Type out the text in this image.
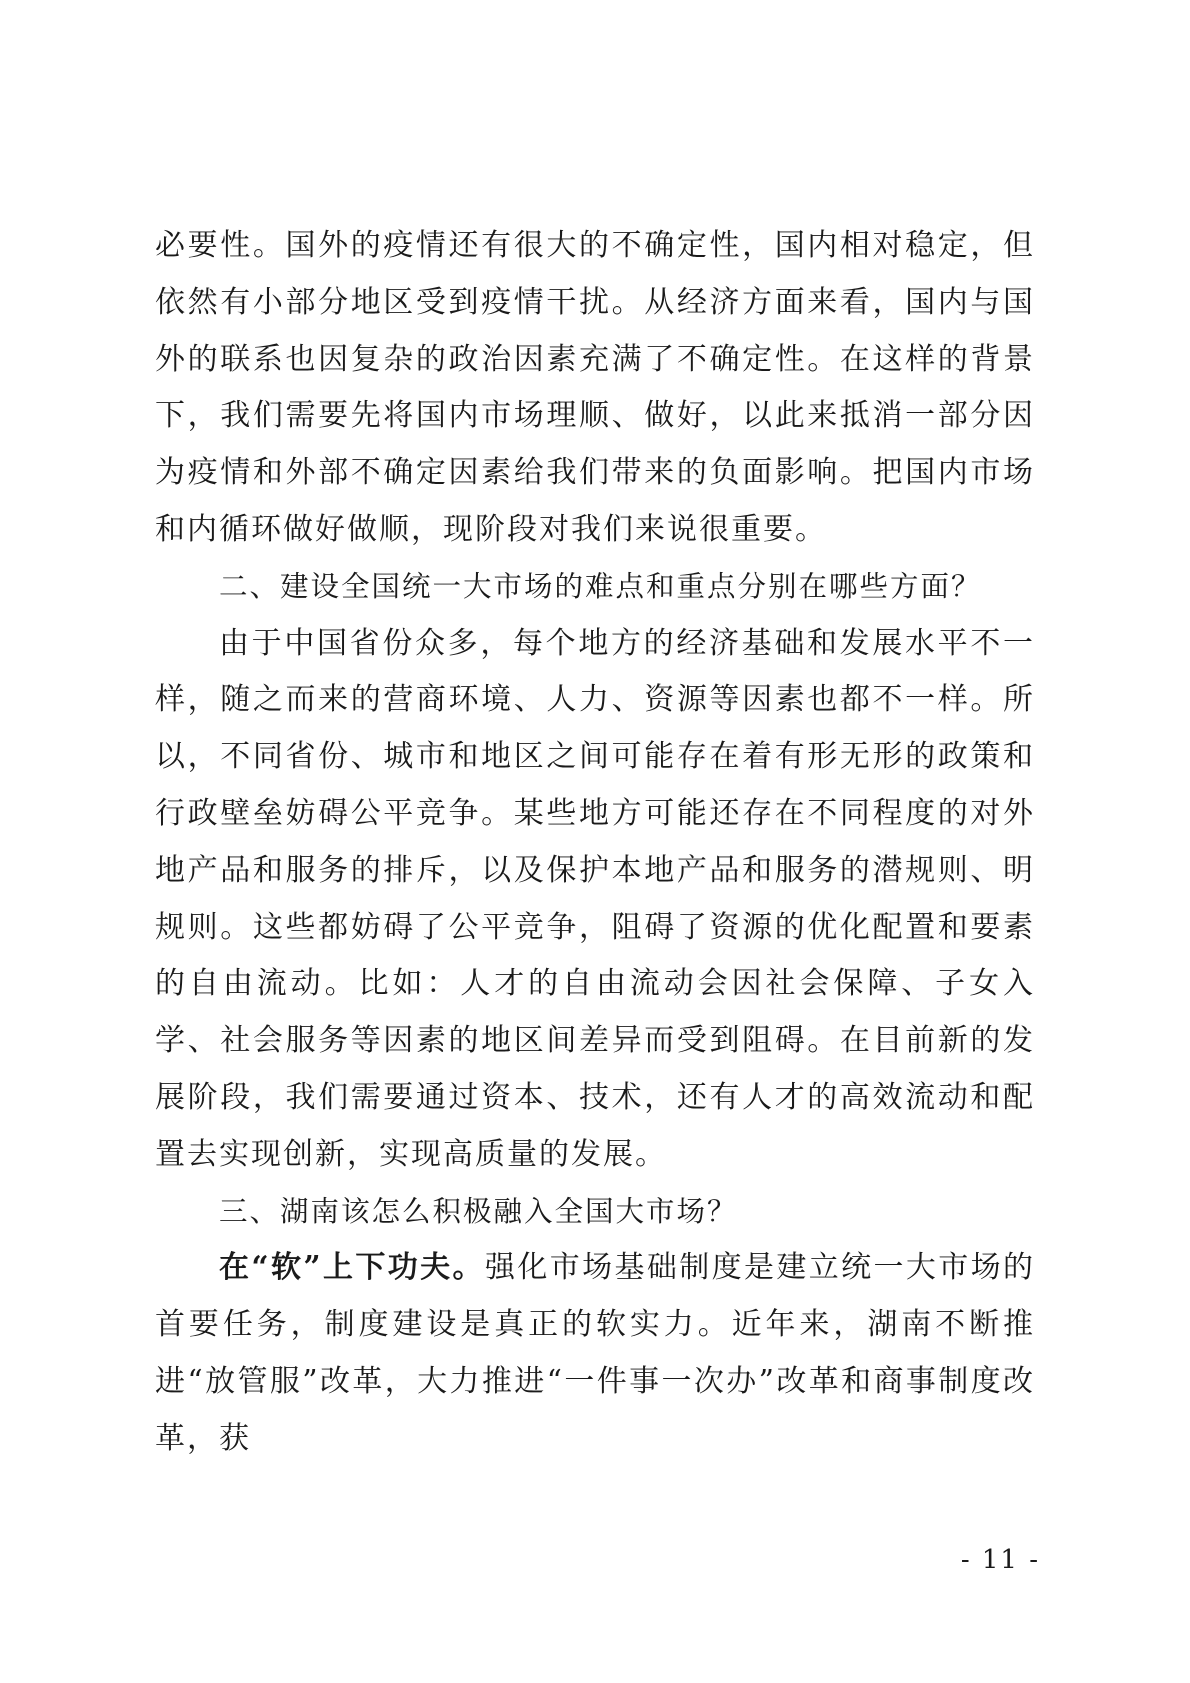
必要性。国外的疫情还有很大的不确定性，国内相对稳定，但依然有小部分地区受到疫情干扰。从经济方面来看，国内与国外的联系也因复杂的政治因素充满了不确定性。在这样的背景下，我们需要先将国内市场理顺、做好，以此来抵消一部分因为疫情和外部不确定因素给我们带来的负面影响。把国内市场和内循环做好做顺，现阶段对我们来说很重要。

二、建设全国统一大市场的难点和重点分别在哪些方面？

由于中国省份众多，每个地方的经济基础和发展水平不一样，随之而来的营商环境、人力、资源等因素也都不一样。所以，不同省份、城市和地区之间可能存在着有形无形的政策和行政壁垒妨碍公平竞争。某些地方可能还存在不同程度的对外地产品和服务的排斥，以及保护本地产品和服务的潜规则、明规则。这些都妨碍了公平竞争，阻碍了资源的优化配置和要素的自由流动。比如：人才的自由流动会因社会保障、子女入学、社会服务等因素的地区间差异而受到阻碍。在目前新的发展阶段，我们需要通过资本、技术，还有人才的高效流动和配置去实现创新，实现高质量的发展。

三、湖南该怎么积极融入全国大市场？

在“软”上下功夫。强化市场基础制度是建立统一大市场的首要任务，制度建设是真正的软实力。近年来，湖南不断推进“放管服”改革，大力推进“一件事一次办”改革和商事制度改革，获

- 11 -
